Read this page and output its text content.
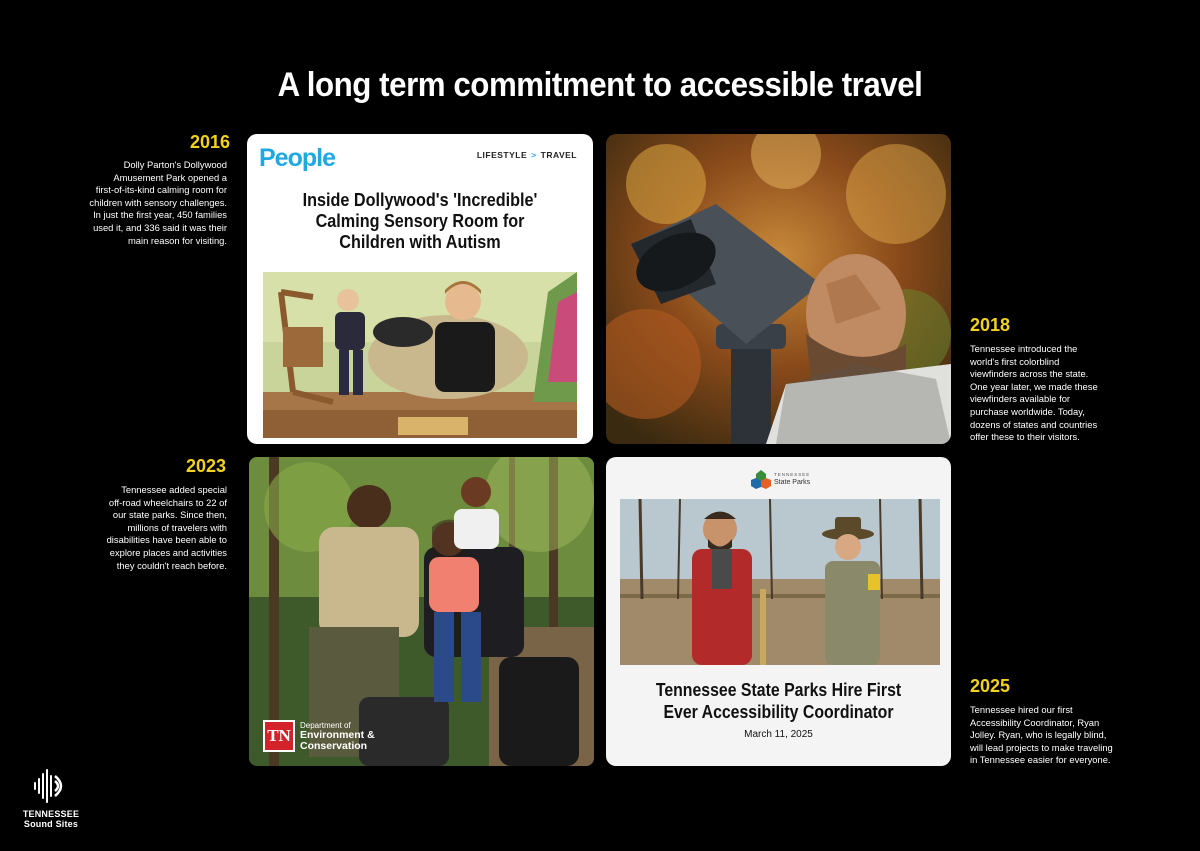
A long term commitment to accessible travel
2016
Dolly Parton's Dollywood
Amusement Park opened a
first-of-its-kind calming room for
children with sensory challenges.
In just the first year, 450 families
used it, and 336 said it was their
main reason for visiting.
2018
Tennessee introduced the
world's first colorblind
viewfinders across the state.
One year later, we made these
viewfinders available for
purchase worldwide. Today,
dozens of states and countries
offer these to their visitors.
2023
Tennessee added special
off-road wheelchairs to 22 of
our state parks. Since then,
millions of travelers with
disabilities have been able to
explore places and activities
they couldn't reach before.
2025
Tennessee hired our first
Accessibility Coordinator, Ryan
Jolley. Ryan, who is legally blind,
will lead projects to make traveling
in Tennessee easier for everyone.
People	LIFESTYLE > TRAVEL
Inside Dollywood's 'Incredible'
Calming Sensory Room for
Children with Autism
TN
Department of
Environment &
Conservation
TENNESSEE
State Parks
Tennessee State Parks Hire First
Ever Accessibility Coordinator
March 11, 2025
TENNESSEE
Sound Sites
